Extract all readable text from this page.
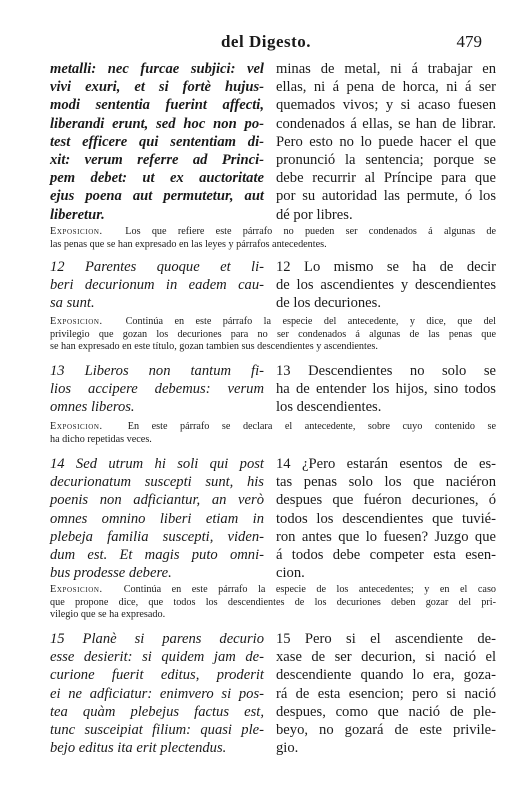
del Digesto.	479
metalli: nec furcae subjici: vel
vivi exuri, et si fortè hujus-
modi sententia fuerint affecti,
liberandi erunt, sed hoc non po-
test efficere qui sententiam di-
xit: verum referre ad Princi-
pem debet: ut ex auctoritate
ejus poena aut permutetur, aut
liberetur.
minas de metal, ni á trabajar en
ellas, ni á pena de horca, ni á ser
quemados vivos; y si acaso fuesen
condenados á ellas, se han de librar.
Pero esto no lo puede hacer el que
pronunció la sentencia; porque se
debe recurrir al Príncipe para que
por su autoridad las permute, ó los
dé por libres.
Exposicion. Los que refiere este párrafo no pueden ser condenados á algunas de
las penas que se han expresado en las leyes y párrafos antecedentes.
12 Parentes quoque et li-
beri decurionum in eadem cau-
sa sunt.
12 Lo mismo se ha de decir
de los ascendientes y descendientes
de los decuriones.
Exposicion. Continúa en este párrafo la especie del antecedente, y dice, que del
privilegio que gozan los decuriones para no ser condenados á algunas de las penas que
se han expresado en este título, gozan tambien sus descendientes y ascendientes.
13 Liberos non tantum fi-
lios accipere debemus: verum
omnes liberos.
13 Descendientes no solo se
ha de entender los hijos, sino todos
los descendientes.
Exposicion. En este párrafo se declara el antecedente, sobre cuyo contenido se
ha dicho repetidas veces.
14 Sed utrum hi soli qui post
decurionatum suscepti sunt, his
poenis non adficiantur, an verò
omnes omnino liberi etiam in
plebeja familia suscepti, viden-
dum est. Et magis puto omni-
bus prodesse debere.
14 ¿Pero estarán esentos de es-
tas penas solo los que naciéron
despues que fuéron decuriones, ó
todos los descendientes que tuvié-
ron antes que lo fuesen? Juzgo que
á todos debe competer esta esen-
cion.
Exposicion. Continúa en este párrafo la especie de los antecedentes; y en el caso
que propone dice, que todos los descendientes de los decuriones deben gozar del pri-
vilegio que se ha expresado.
15 Planè si parens decurio
esse desierit: si quidem jam de-
curione fuerit editus, proderit
ei ne adficiatur: enimvero si pos-
tea quàm plebejus factus est,
tunc susceipiat filium: quasi ple-
bejo editus ita erit plectendus.
15 Pero si el ascendiente de-
xase de ser decurion, si nació el
descendiente quando lo era, goza-
rá de esta esencion; pero si nació
despues, como que nació de ple-
beyo, no gozará de este privile-
gio.
